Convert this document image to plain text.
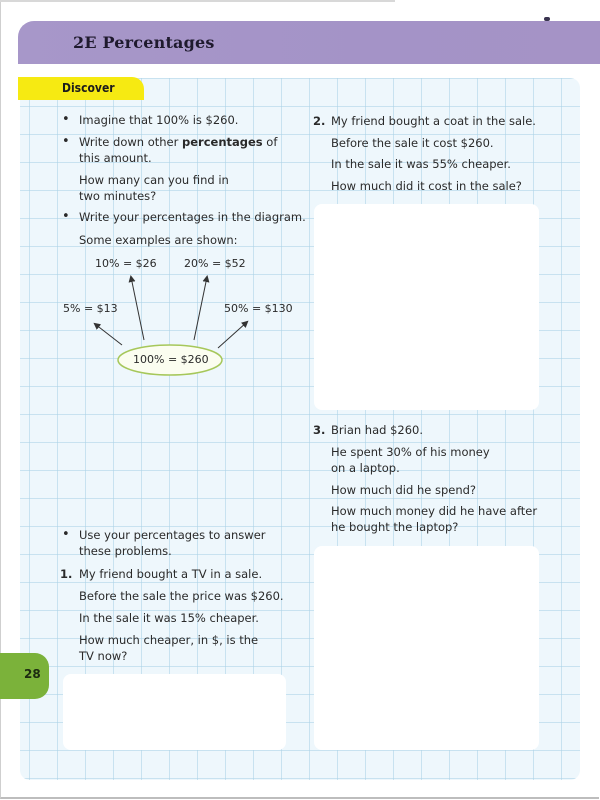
2E Percentages
Discover
• Imagine that 100% is $260.
• Write down other percentages of
this amount.
How many can you find in
two minutes?
• Write your percentages in the diagram.
Some examples are shown:
10% = $26 20% = $52
5% = $13	50% = $130
100% = $260
• Use your percentages to answer
these problems.
1. My friend bought a TV in a sale.
Before the sale the price was $260.
In the sale it was 15% cheaper.
How much cheaper, in $, is the
TV now?
2. My friend bought a coat in the sale.
Before the sale it cost $260.
In the sale it was 55% cheaper.
How much did it cost in the sale?
3. Brian had $260.
He spent 30% of his money
on a laptop.
How much did he spend?
How much money did he have after
he bought the laptop?
28
